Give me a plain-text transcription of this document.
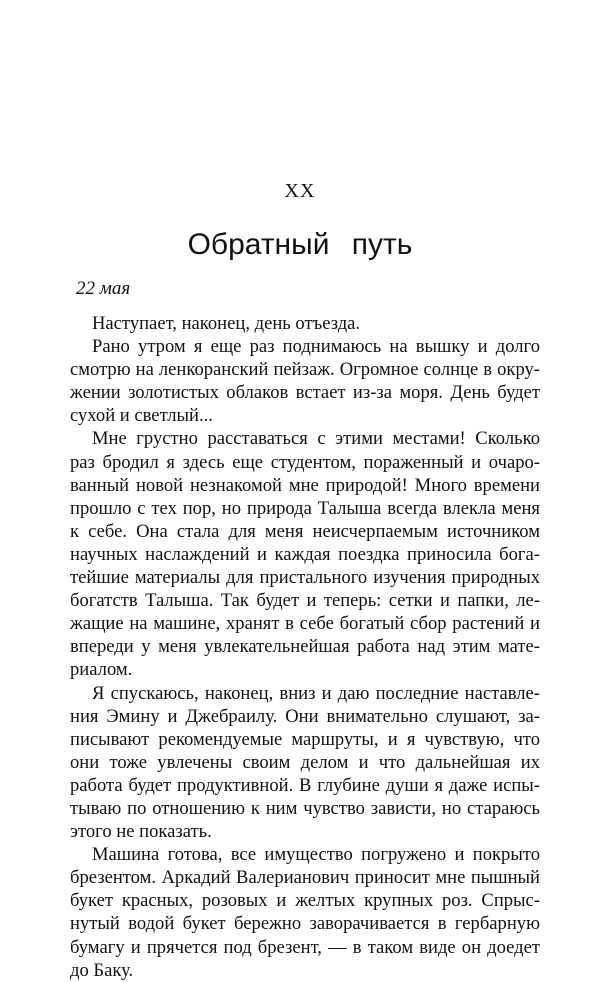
XX
Обратный путь
22 мая
Наступает, наконец, день отъезда.
Рано утром я еще раз поднимаюсь на вышку и долго
смотрю на ленкоранский пейзаж. Огромное солнце в окру-
жении золотистых облаков встает из-за моря. День будет
сухой и светлый...
Мне грустно расставаться с этими местами! Сколько
раз бродил я здесь еще студентом, пораженный и очаро-
ванный новой незнакомой мне природой! Много времени
прошло с тех пор, но природа Талыша всегда влекла меня
к себе. Она стала для меня неисчерпаемым источником
научных наслаждений и каждая поездка приносила бога-
тейшие материалы для пристального изучения природных
богатств Талыша. Так будет и теперь: сетки и папки, ле-
жащие на машине, хранят в себе богатый сбор растений и
впереди у меня увлекательнейшая работа над этим мате-
риалом.
Я спускаюсь, наконец, вниз и даю последние наставле-
ния Эмину и Джебраилу. Они внимательно слушают, за-
писывают рекомендуемые маршруты, и я чувствую, что
они тоже увлечены своим делом и что дальнейшая их
работа будет продуктивной. В глубине души я даже испы-
тываю по отношению к ним чувство зависти, но стараюсь
этого не показать.
Машина готова, все имущество погружено и покрыто
брезентом. Аркадий Валерианович приносит мне пышный
букет красных, розовых и желтых крупных роз. Спрыс-
нутый водой букет бережно заворачивается в гербарную
бумагу и прячется под брезент, — в таком виде он доедет
до Баку.
